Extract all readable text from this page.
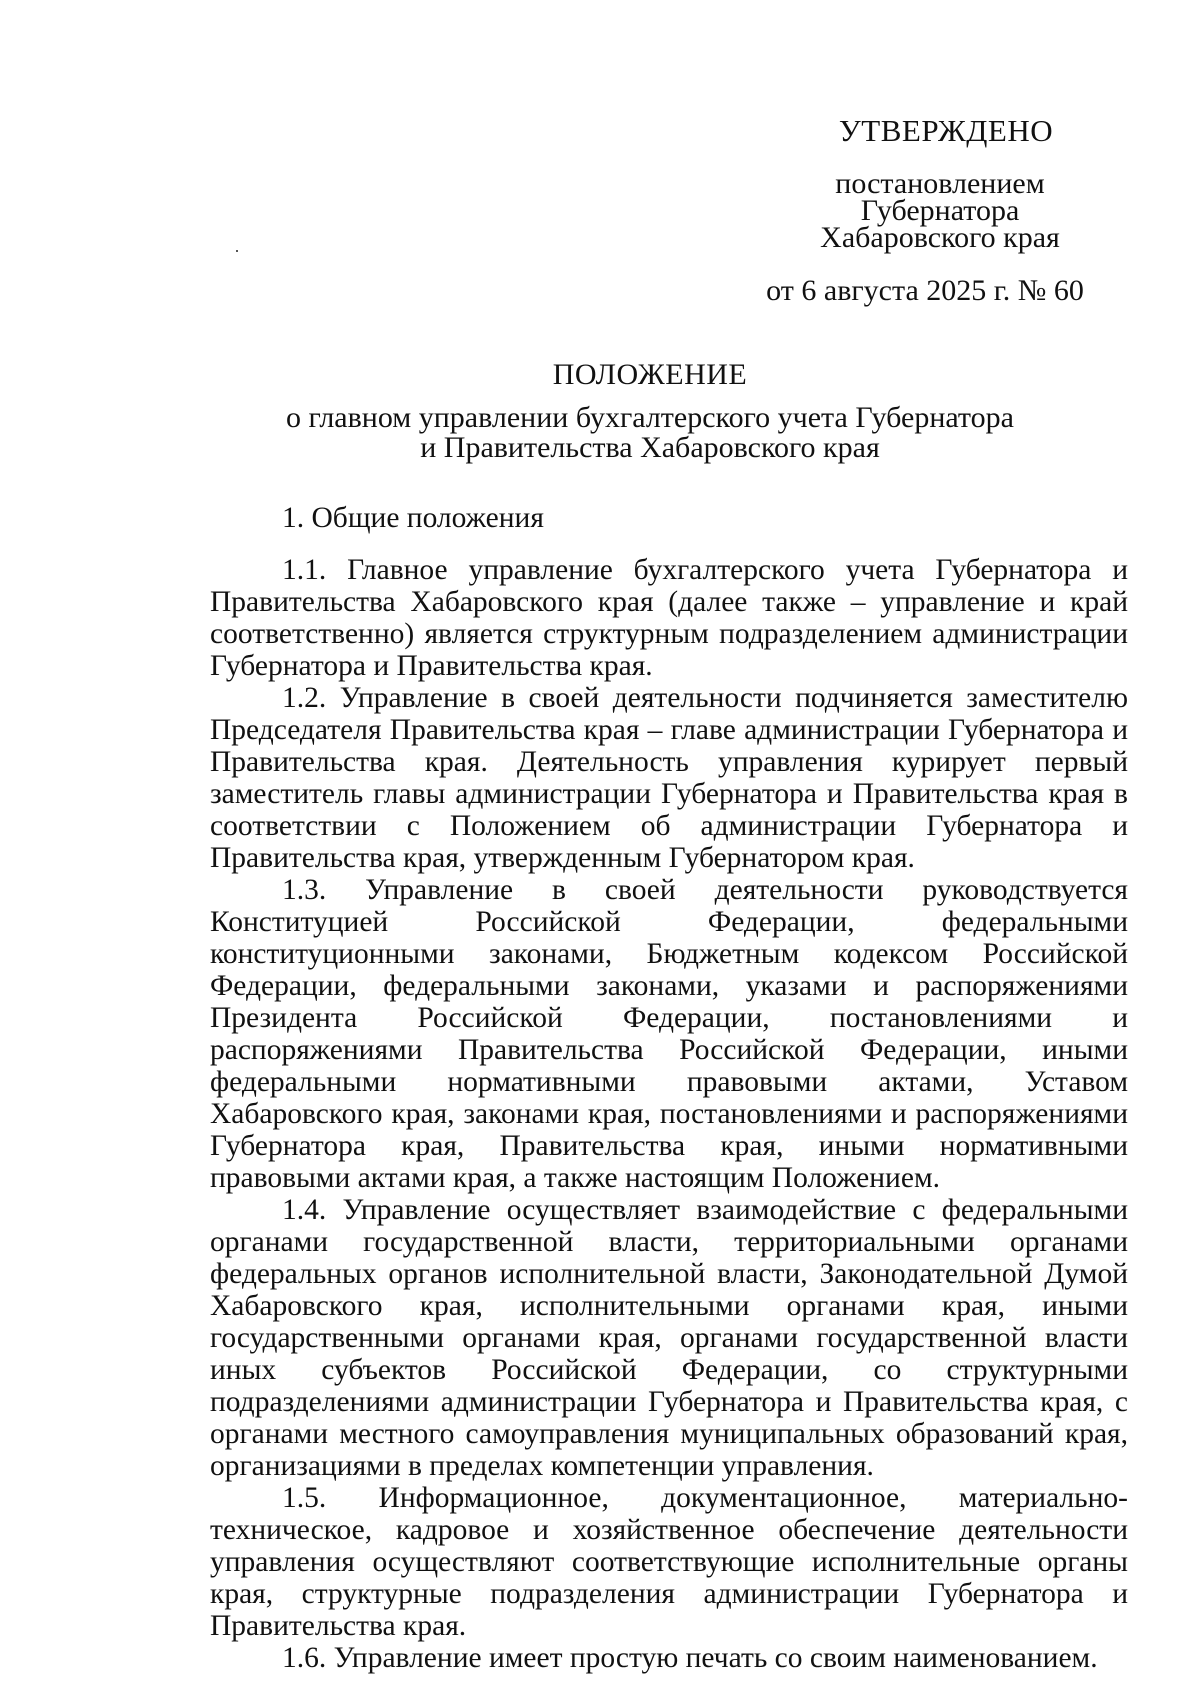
УТВЕРЖДЕНО
постановлением
Губернатора
Хабаровского края
от 6 августа 2025 г. № 60
ПОЛОЖЕНИЕ
о главном управлении бухгалтерского учета Губернатора
и Правительства Хабаровского края

1. Общие положения

1.1. Главное управление бухгалтерского учета Губернатора и Правительства Хабаровского края (далее также – управление и край соответственно) является структурным подразделением администрации Губернатора и Правительства края.

1.2. Управление в своей деятельности подчиняется заместителю Председателя Правительства края – главе администрации Губернатора и Правительства края. Деятельность управления курирует первый заместитель главы администрации Губернатора и Правительства края в соответствии с Положением об администрации Губернатора и Правительства края, утвержденным Губернатором края.

1.3. Управление в своей деятельности руководствуется Конституцией Российской Федерации, федеральными конституционными законами, Бюджетным кодексом Российской Федерации, федеральными законами, указами и распоряжениями Президента Российской Федерации, постановлениями и распоряжениями Правительства Российской Федерации, иными федеральными нормативными правовыми актами, Уставом Хабаровского края, законами края, постановлениями и распоряжениями Губернатора края, Правительства края, иными нормативными правовыми актами края, а также настоящим Положением.

1.4. Управление осуществляет взаимодействие с федеральными органами государственной власти, территориальными органами федеральных органов исполнительной власти, Законодательной Думой Хабаровского края, исполнительными органами края, иными государственными органами края, органами государственной власти иных субъектов Российской Федерации, со структурными подразделениями администрации Губернатора и Правительства края, с органами местного самоуправления муниципальных образований края, организациями в пределах компетенции управления.

1.5. Информационное, документационное, материально-техническое, кадровое и хозяйственное обеспечение деятельности управления осуществляют соответствующие исполнительные органы края, структурные подразделения администрации Губернатора и Правительства края.

1.6. Управление имеет простую печать со своим наименованием.
